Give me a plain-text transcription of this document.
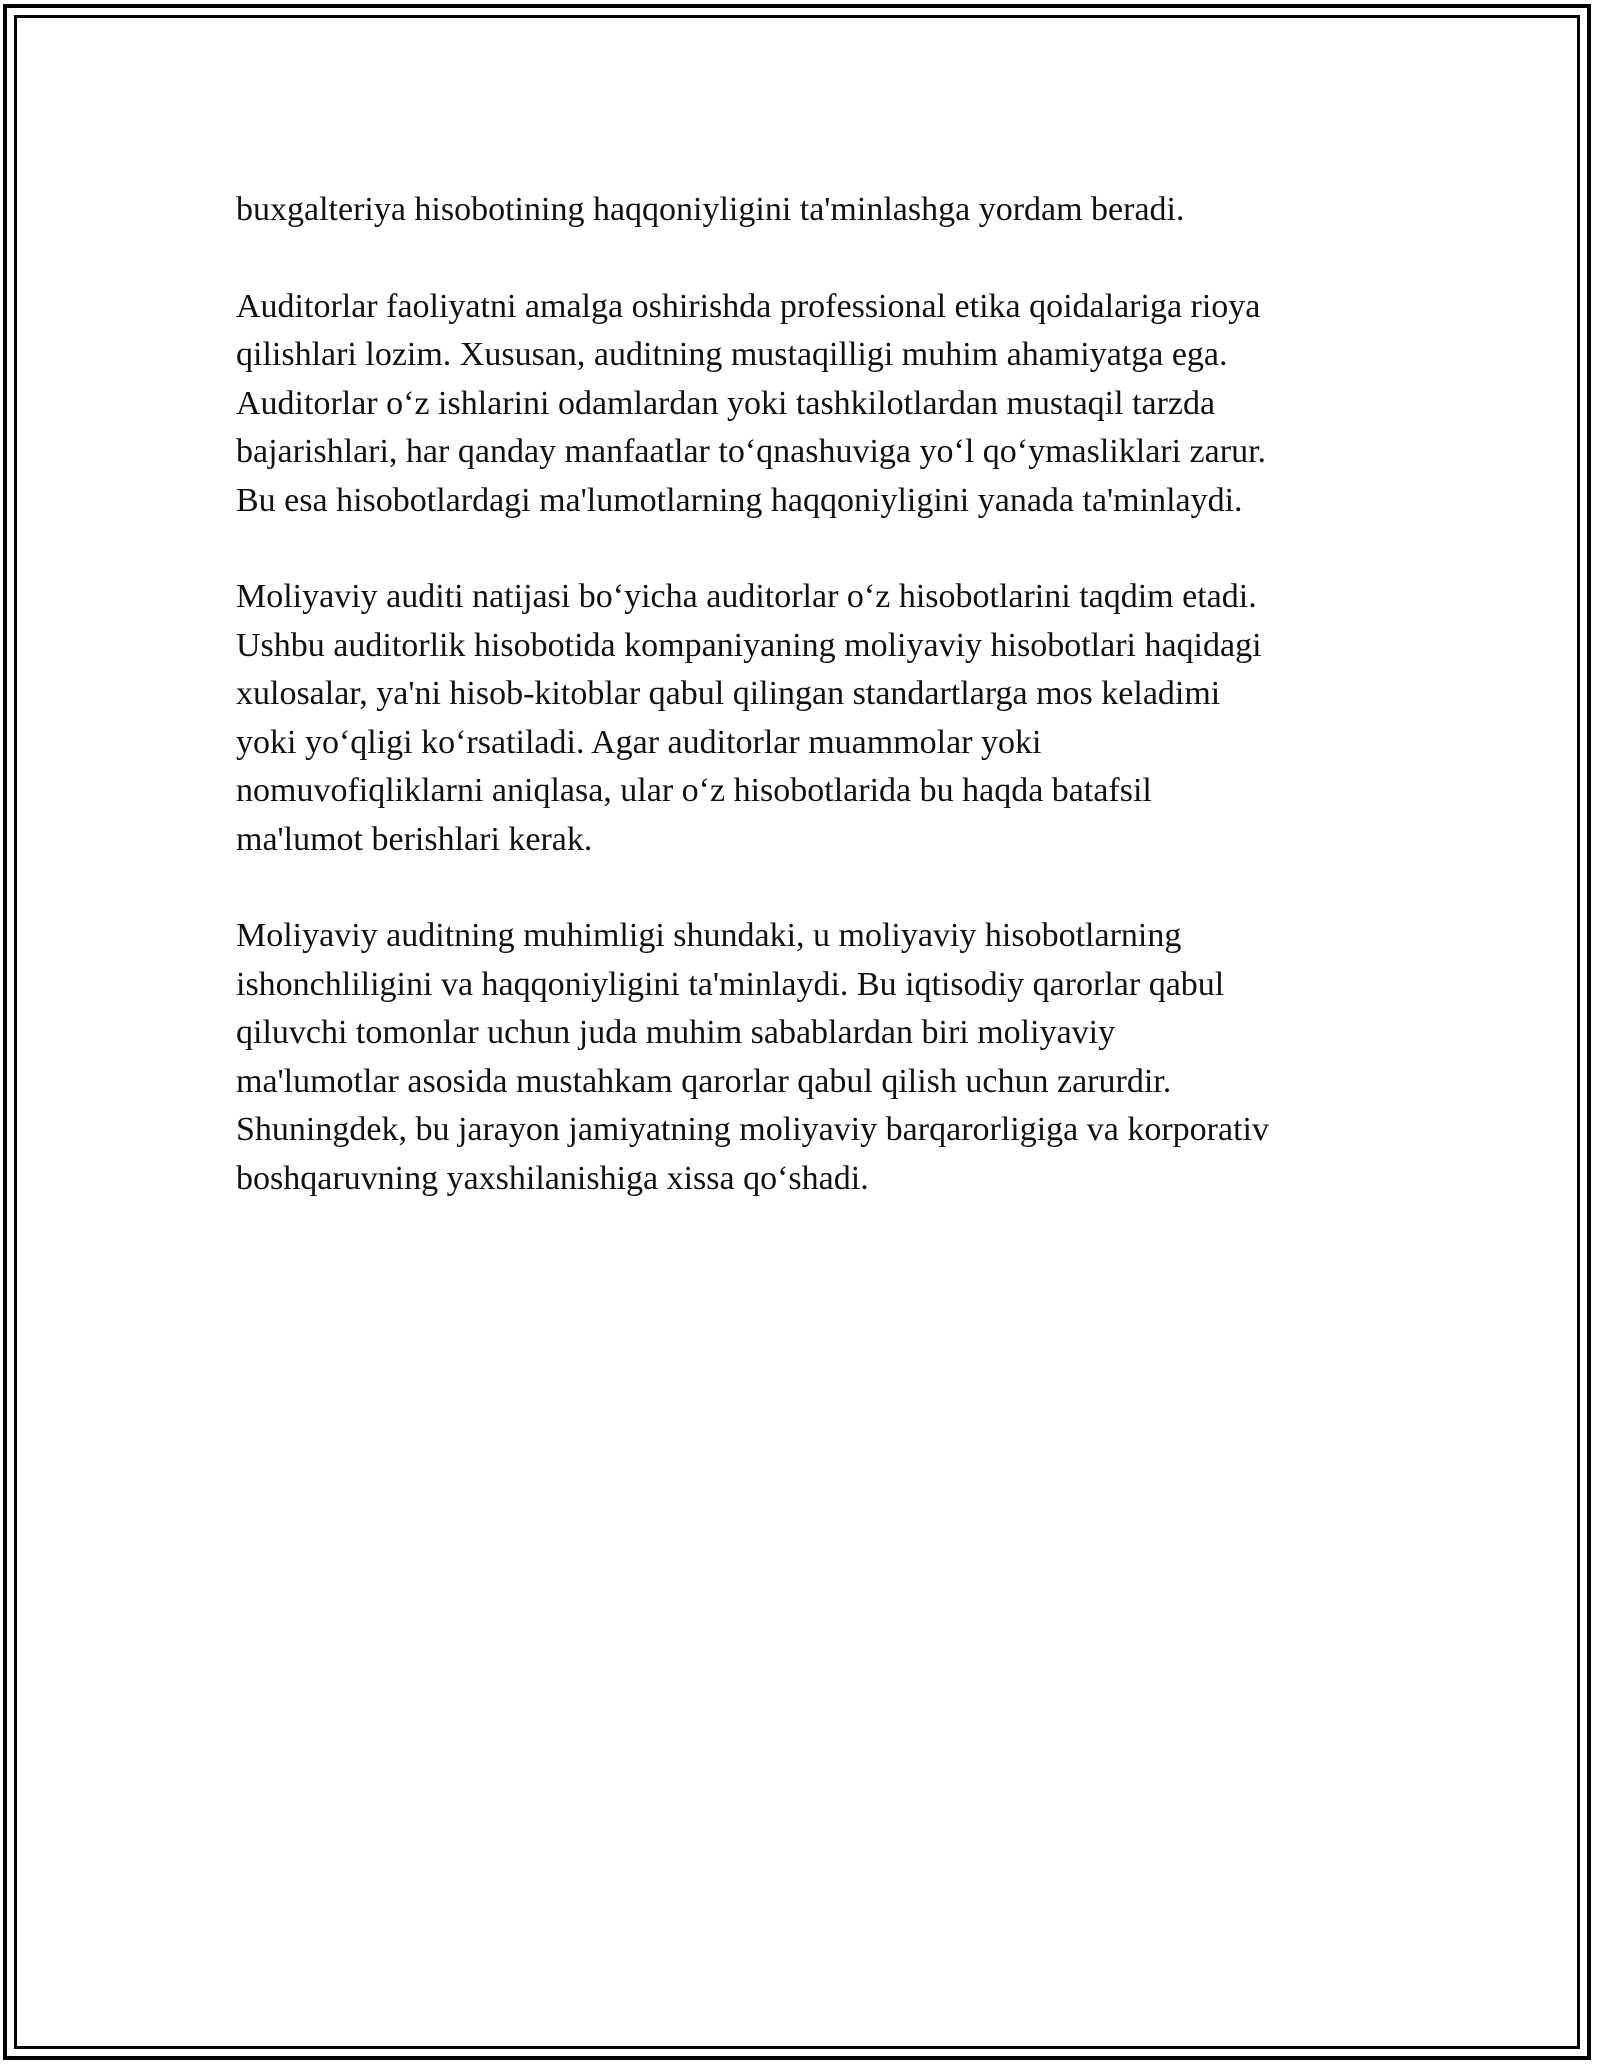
buxgalteriya hisobotining haqqoniyligini ta'minlashga yordam beradi.
Auditorlar faoliyatni amalga oshirishda professional etika qoidalariga rioya
qilishlari lozim. Xususan, auditning mustaqilligi muhim ahamiyatga ega.
Auditorlar o‘z ishlarini odamlardan yoki tashkilotlardan mustaqil tarzda
bajarishlari, har qanday manfaatlar to‘qnashuviga yo‘l qo‘ymasliklari zarur.
Bu esa hisobotlardagi ma'lumotlarning haqqoniyligini yanada ta'minlaydi.
Moliyaviy auditi natijasi bo‘yicha auditorlar o‘z hisobotlarini taqdim etadi.
Ushbu auditorlik hisobotida kompaniyaning moliyaviy hisobotlari haqidagi
xulosalar, ya'ni hisob-kitoblar qabul qilingan standartlarga mos keladimi
yoki yo‘qligi ko‘rsatiladi. Agar auditorlar muammolar yoki
nomuvofiqliklarni aniqlasa, ular o‘z hisobotlarida bu haqda batafsil
ma'lumot berishlari kerak.
Moliyaviy auditning muhimligi shundaki, u moliyaviy hisobotlarning
ishonchliligini va haqqoniyligini ta'minlaydi. Bu iqtisodiy qarorlar qabul
qiluvchi tomonlar uchun juda muhim sabablardan biri moliyaviy
ma'lumotlar asosida mustahkam qarorlar qabul qilish uchun zarurdir.
Shuningdek, bu jarayon jamiyatning moliyaviy barqarorligiga va korporativ
boshqaruvning yaxshilanishiga xissa qo‘shadi.
